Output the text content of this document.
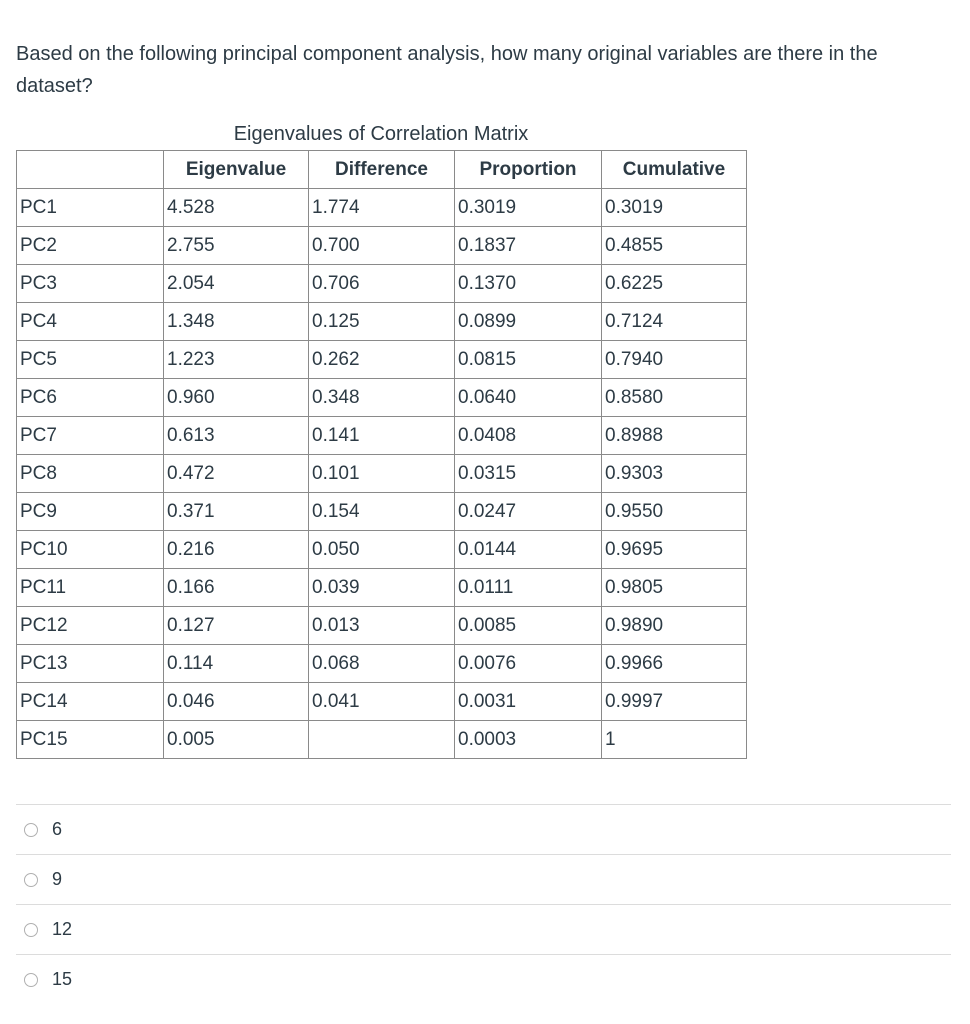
Based on the following principal component analysis, how many original variables are there in the dataset?
Eigenvalues of Correlation Matrix
	Eigenvalue	Difference	Proportion	Cumulative
PC1	4.528	1.774	0.3019	0.3019
PC2	2.755	0.700	0.1837	0.4855
PC3	2.054	0.706	0.1370	0.6225
PC4	1.348	0.125	0.0899	0.7124
PC5	1.223	0.262	0.0815	0.7940
PC6	0.960	0.348	0.0640	0.8580
PC7	0.613	0.141	0.0408	0.8988
PC8	0.472	0.101	0.0315	0.9303
PC9	0.371	0.154	0.0247	0.9550
PC10	0.216	0.050	0.0144	0.9695
PC11	0.166	0.039	0.0111	0.9805
PC12	0.127	0.013	0.0085	0.9890
PC13	0.114	0.068	0.0076	0.9966
PC14	0.046	0.041	0.0031	0.9997
PC15	0.005		0.0003	1
6
9
12
15
